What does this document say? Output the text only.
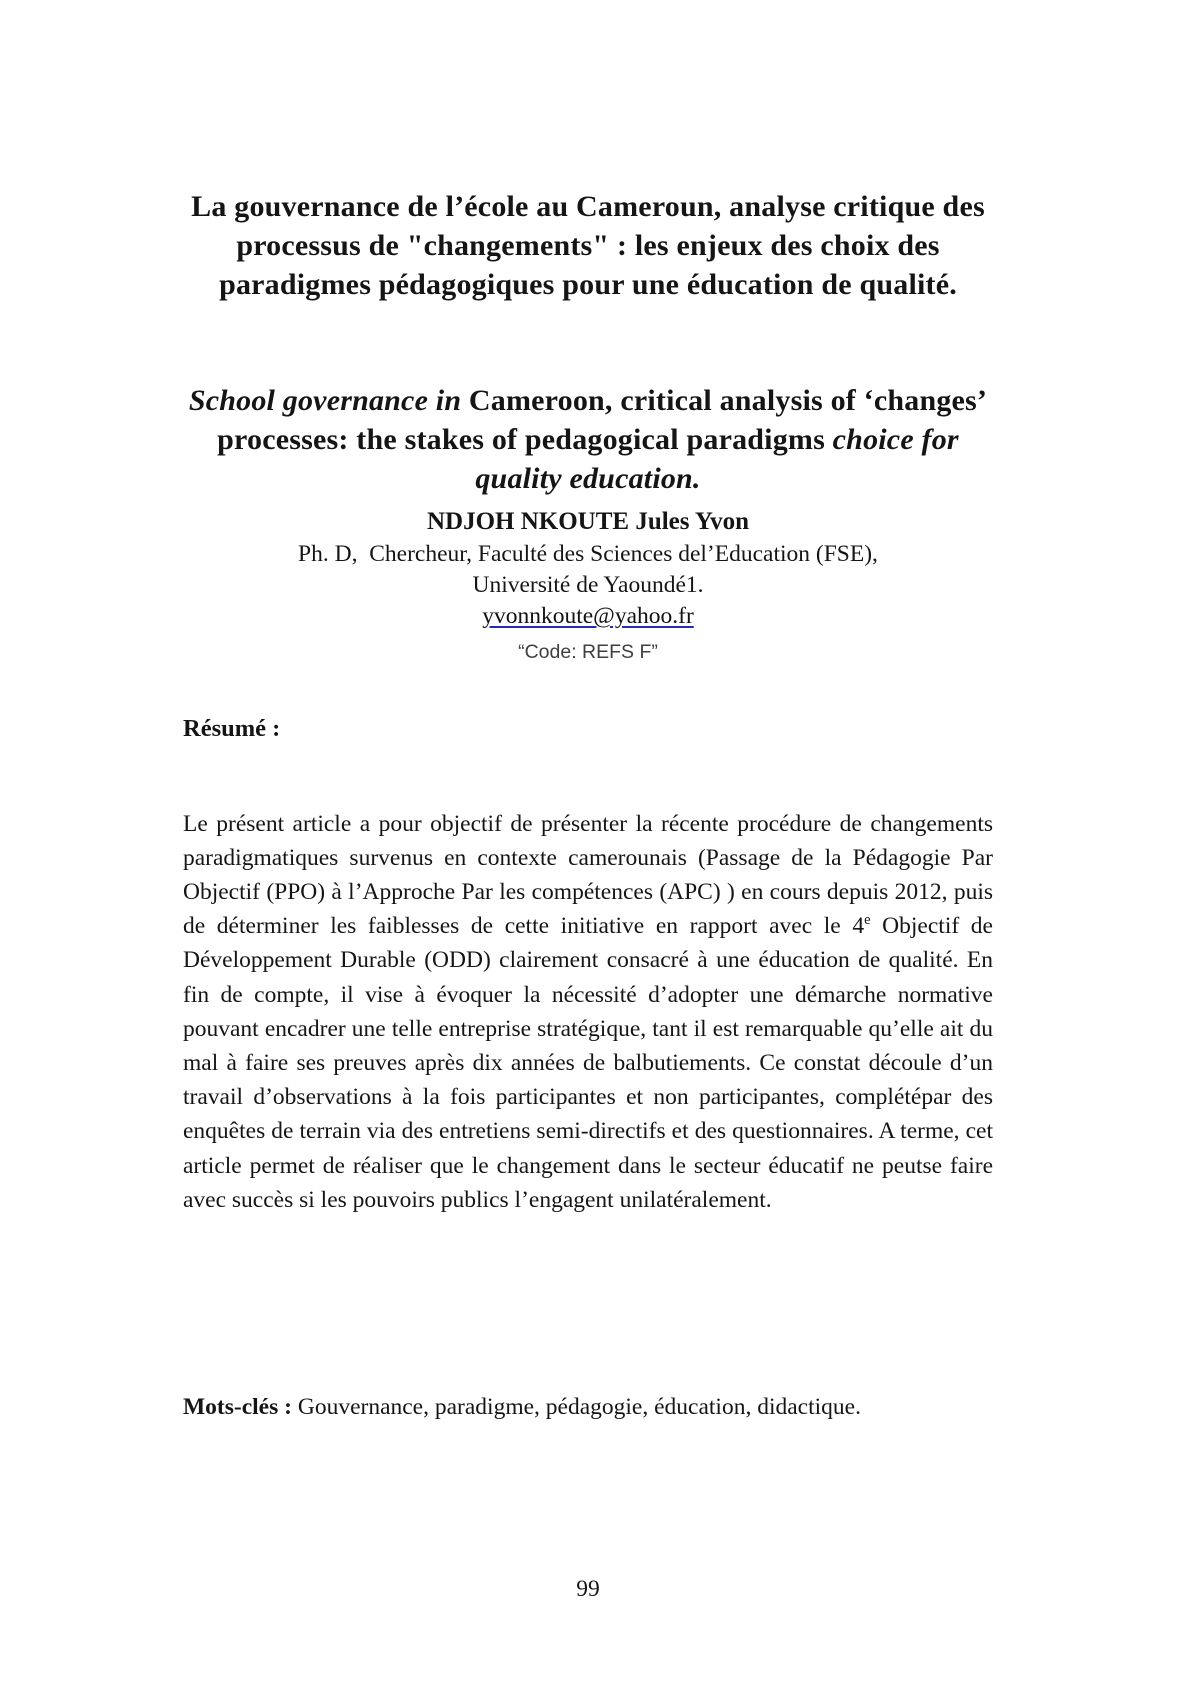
La gouvernance de l’école au Cameroun, analyse critique des processus de "changements" : les enjeux des choix des paradigmes pédagogiques pour une éducation de qualité.
School governance in Cameroon, critical analysis of ‘changes’ processes: the stakes of pedagogical paradigms choice for quality education.
NDJOH NKOUTE Jules Yvon
Ph. D,  Chercheur, Faculté des Sciences del’Education (FSE),
Université de Yaoundé1.
yvonnkoute@yahoo.fr
“Code: REFS F”
Résumé :

Le présent article a pour objectif de présenter la récente procédure de changements paradigmatiques survenus en contexte camerounais (Passage de la Pédagogie Par Objectif (PPO) à l’Approche Par les compétences (APC) ) en cours depuis 2012, puis de déterminer les faiblesses de cette initiative en rapport avec le 4e Objectif de Développement Durable (ODD) clairement consacré à une éducation de qualité. En fin de compte, il vise à évoquer la nécessité d’adopter une démarche normative pouvant encadrer une telle entreprise stratégique, tant il est remarquable qu’elle ait du mal à faire ses preuves après dix années de balbutiements. Ce constat découle d’un travail d’observations à la fois participantes et non participantes, complétépar des enquêtes de terrain via des entretiens semi-directifs et des questionnaires. A terme, cet article permet de réaliser que le changement dans le secteur éducatif ne peutse faire avec succès si les pouvoirs publics l’engagent unilatéralement.

Mots-clés : Gouvernance, paradigme, pédagogie, éducation, didactique.

99
